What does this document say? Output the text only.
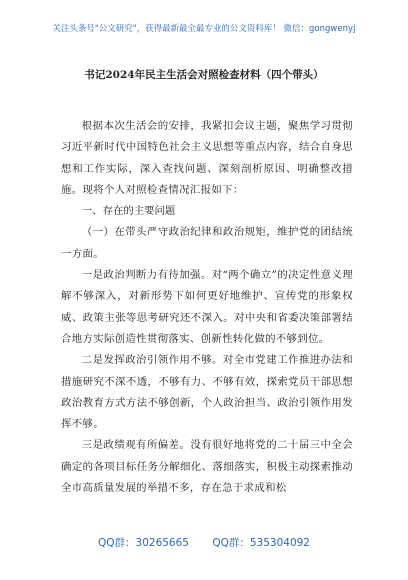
关注头条号"公文研究"，获得最新最全最专业的公文资料库！ 微信：gongwenyj
书记2024年民主生活会对照检查材料（四个带头）

根据本次生活会的安排，我紧扣会议主题，聚焦学习贯彻习近平新时代中国特色社会主义思想等重点内容，结合自身思想和工作实际，深入查找问题、深刻剖析原因、明确整改措施。现将个人对照检查情况汇报如下：

一、存在的主要问题

（一）在带头严守政治纪律和政治规矩，维护党的团结统一方面。

一是政治判断力有待加强。对“两个确立”的决定性意义理解不够深入，对新形势下如何更好地维护、宣传党的形象权威、政策主张等思考研究还不深入。对中央和省委决策部署结合地方实际创造性贯彻落实、创新性转化做的不够到位。

二是发挥政治引领作用不够。对全市党建工作推进办法和措施研究不深不透，不够有力、不够有效，探索党员干部思想政治教育方式方法不够创新，个人政治担当、政治引领作用发挥不够。

三是政绩观有所偏差。没有很好地将党的二十届三中全会确定的各项目标任务分解细化、落细落实，积极主动探索推动全市高质量发展的举措不多，存在急于求成和松

QQ群：30265665 QQ群：535304092
